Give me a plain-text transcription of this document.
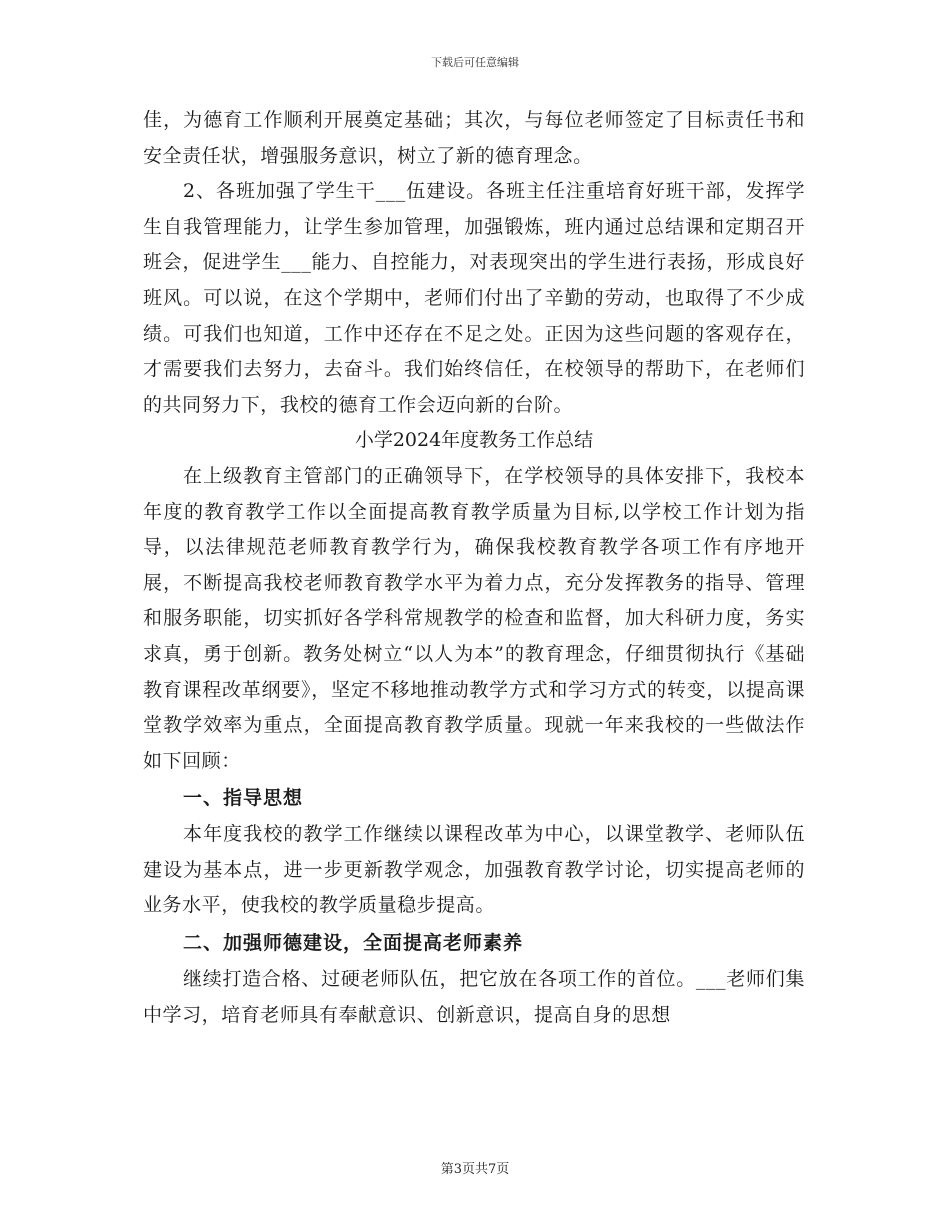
下载后可任意编辑

佳，为德育工作顺利开展奠定基础；其次，与每位老师签定了目标责任书和安全责任状，增强服务意识，树立了新的德育理念。

2、各班加强了学生干___伍建设。各班主任注重培育好班干部，发挥学生自我管理能力，让学生参加管理，加强锻炼，班内通过总结课和定期召开班会，促进学生___能力、自控能力，对表现突出的学生进行表扬，形成良好班风。可以说，在这个学期中，老师们付出了辛勤的劳动，也取得了不少成绩。可我们也知道，工作中还存在不足之处。正因为这些问题的客观存在，才需要我们去努力，去奋斗。我们始终信任，在校领导的帮助下，在老师们的共同努力下，我校的德育工作会迈向新的台阶。

小学2024年度教务工作总结

在上级教育主管部门的正确领导下，在学校领导的具体安排下，我校本年度的教育教学工作以全面提高教育教学质量为目标,以学校工作计划为指导，以法律规范老师教育教学行为，确保我校教育教学各项工作有序地开展，不断提高我校老师教育教学水平为着力点，充分发挥教务的指导、管理和服务职能，切实抓好各学科常规教学的检查和监督，加大科研力度，务实求真，勇于创新。教务处树立“以人为本”的教育理念，仔细贯彻执行《基础教育课程改革纲要》，坚定不移地推动教学方式和学习方式的转变，以提高课堂教学效率为重点，全面提高教育教学质量。现就一年来我校的一些做法作如下回顾：

一、指导思想

本年度我校的教学工作继续以课程改革为中心，以课堂教学、老师队伍建设为基本点，进一步更新教学观念，加强教育教学讨论，切实提高老师的业务水平，使我校的教学质量稳步提高。

二、加强师德建设，全面提高老师素养

继续打造合格、过硬老师队伍，把它放在各项工作的首位。___老师们集中学习，培育老师具有奉献意识、创新意识，提高自身的思想

第3页共7页
